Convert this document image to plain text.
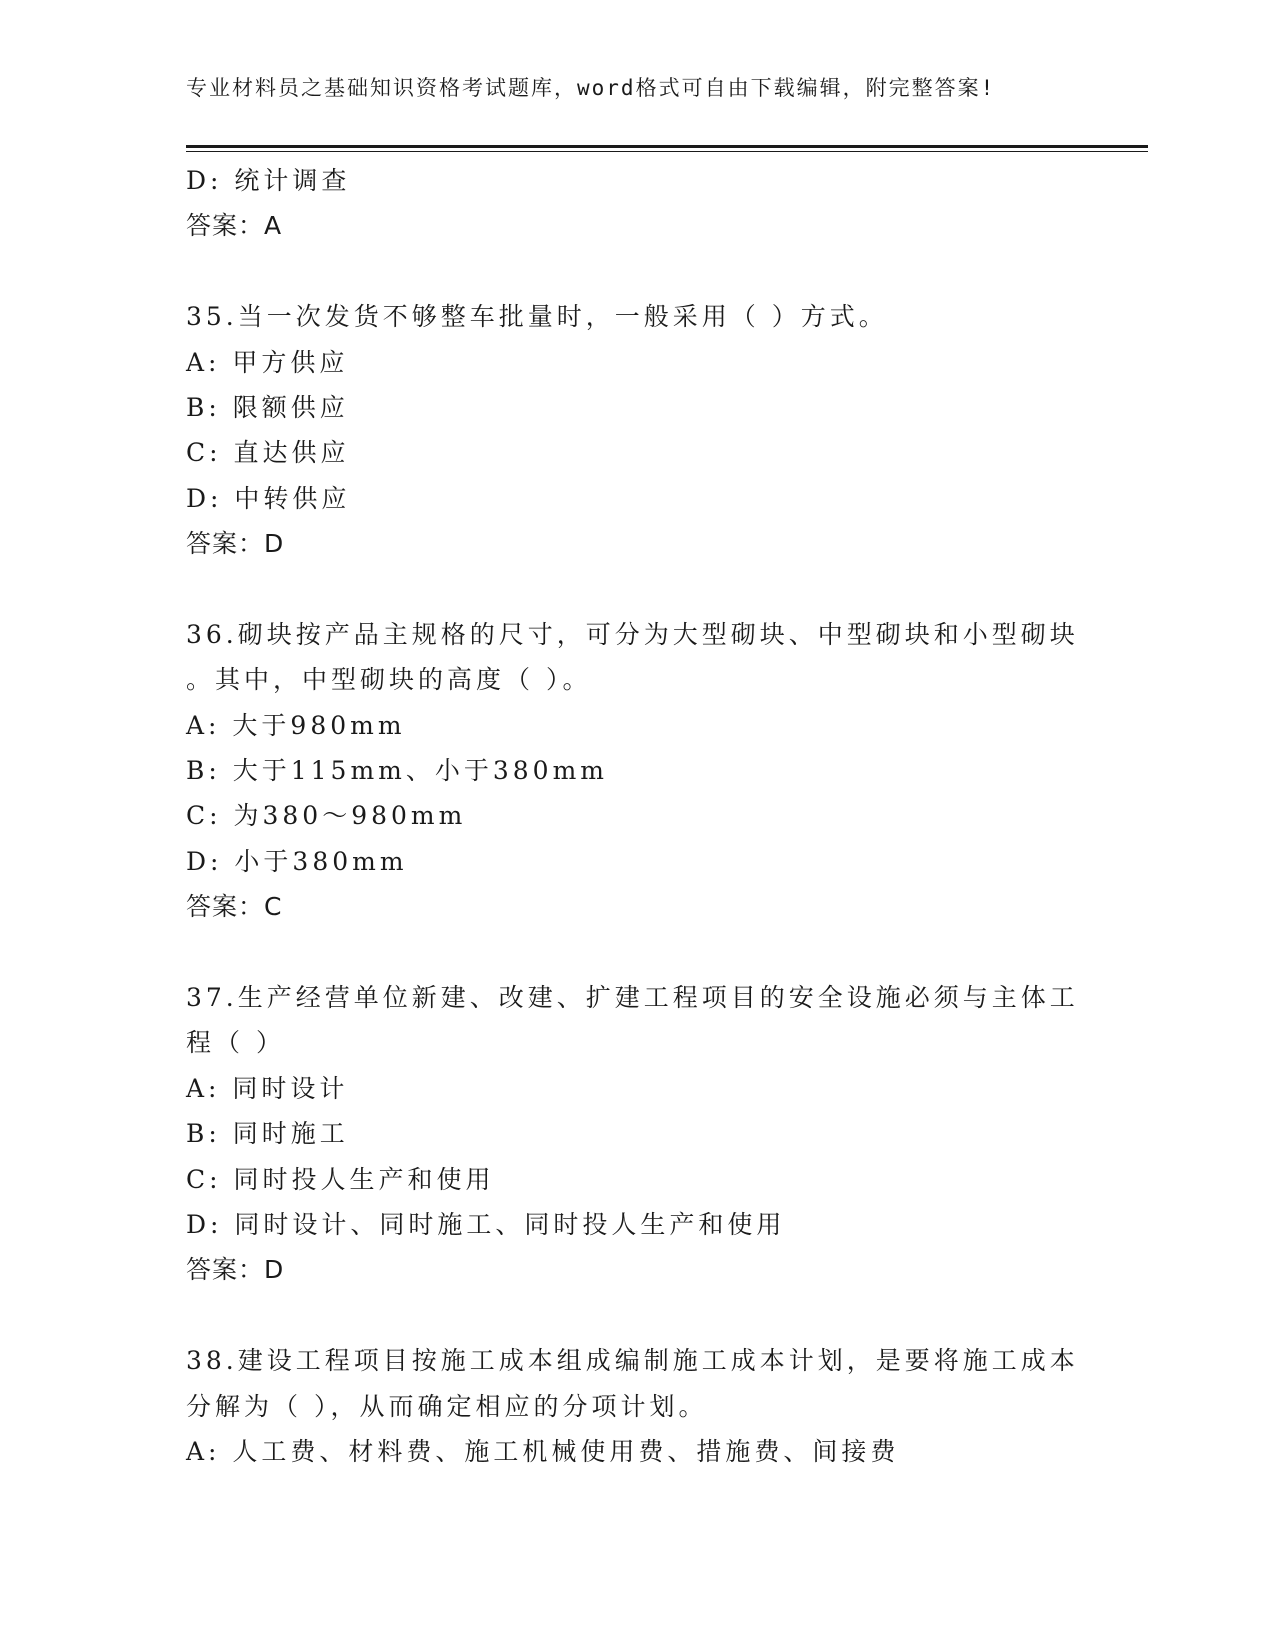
专业材料员之基础知识资格考试题库，word格式可自由下载编辑，附完整答案!
D: 统计调查
答案：A
35.当一次发货不够整车批量时，一般采用（ ）方式。
A: 甲方供应
B: 限额供应
C: 直达供应
D: 中转供应
答案：D
36.砌块按产品主规格的尺寸，可分为大型砌块、中型砌块和小型砌块
。其中，中型砌块的高度（ ）。
A: 大于980mm
B: 大于115mm、小于380mm
C: 为380～980mm
D: 小于380mm
答案：C
37.生产经营单位新建、改建、扩建工程项目的安全设施必须与主体工
程（ ）
A: 同时设计
B: 同时施工
C: 同时投人生产和使用
D: 同时设计、同时施工、同时投人生产和使用
答案：D
38.建设工程项目按施工成本组成编制施工成本计划，是要将施工成本
分解为（ ），从而确定相应的分项计划。
A: 人工费、材料费、施工机械使用费、措施费、间接费
